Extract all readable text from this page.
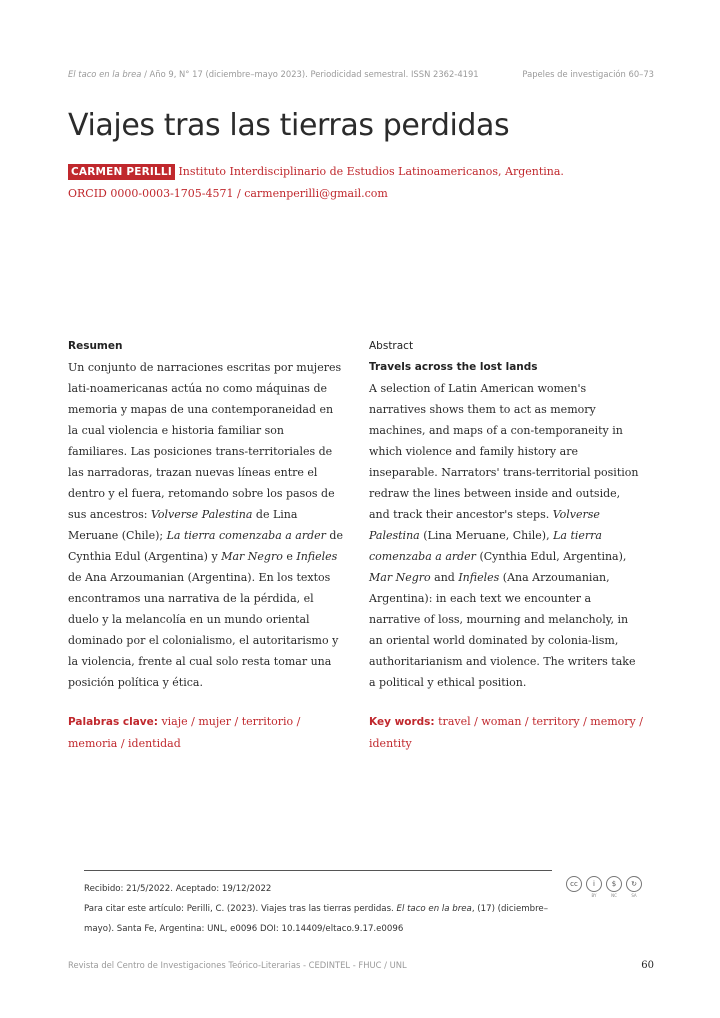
El taco en la brea / Año 9, N° 17 (diciembre–mayo 2023). Periodicidad semestral. ISSN 2362-4191	Papeles de investigación 60–73
Viajes tras las tierras perdidas
CARMEN PERILLI Instituto Interdisciplinario de Estudios Latinoamericanos, Argentina.
ORCID 0000-0003-1705-4571 / carmenperilli@gmail.com
Resumen

Un conjunto de narraciones escritas por mujeres lati-noamericanas actúa no como máquinas de memoria y mapas de una contemporaneidad en la cual violencia e historia familiar son familiares. Las posiciones trans-territoriales de las narradoras, trazan nuevas líneas entre el dentro y el fuera, retomando sobre los pasos de sus ancestros: Volverse Palestina de Lina Meruane (Chile); La tierra comenzaba a arder de Cynthia Edul (Argentina) y Mar Negro e Infieles de Ana Arzoumanian (Argentina). En los textos encontramos una narrativa de la pérdida, el duelo y la melancolía en un mundo oriental dominado por el colonialismo, el autoritarismo y la violencia, frente al cual solo resta tomar una posición política y ética.

Palabras clave: viaje / mujer / territorio / memoria / identidad
Abstract
Travels across the lost lands

A selection of Latin American women's narratives shows them to act as memory machines, and maps of a con-temporaneity in which violence and family history are inseparable. Narrators' trans-territorial position redraw the lines between inside and outside, and track their ancestor's steps. Volverse Palestina (Lina Meruane, Chile), La tierra comenzaba a arder (Cynthia Edul, Argentina), Mar Negro and Infieles (Ana Arzoumanian, Argentina): in each text we encounter a narrative of loss, mourning and melancholy, in an oriental world dominated by colonia-lism, authoritarianism and violence. The writers take a political y ethical position.

Key words: travel / woman / territory / memory / identity
Recibido: 21/5/2022. Aceptado: 19/12/2022
Para citar este artículo: Perilli, C. (2023). Viajes tras las tierras perdidas. El taco en la brea, (17) (diciembre–mayo). Santa Fe, Argentina: UNL, e0096 DOI: 10.14409/eltaco.9.17.e0096
cc	i
BY
$
NC
↻
SA
Revista del Centro de Investigaciones Teórico-Literarias - CEDINTEL - FHUC / UNL	60
